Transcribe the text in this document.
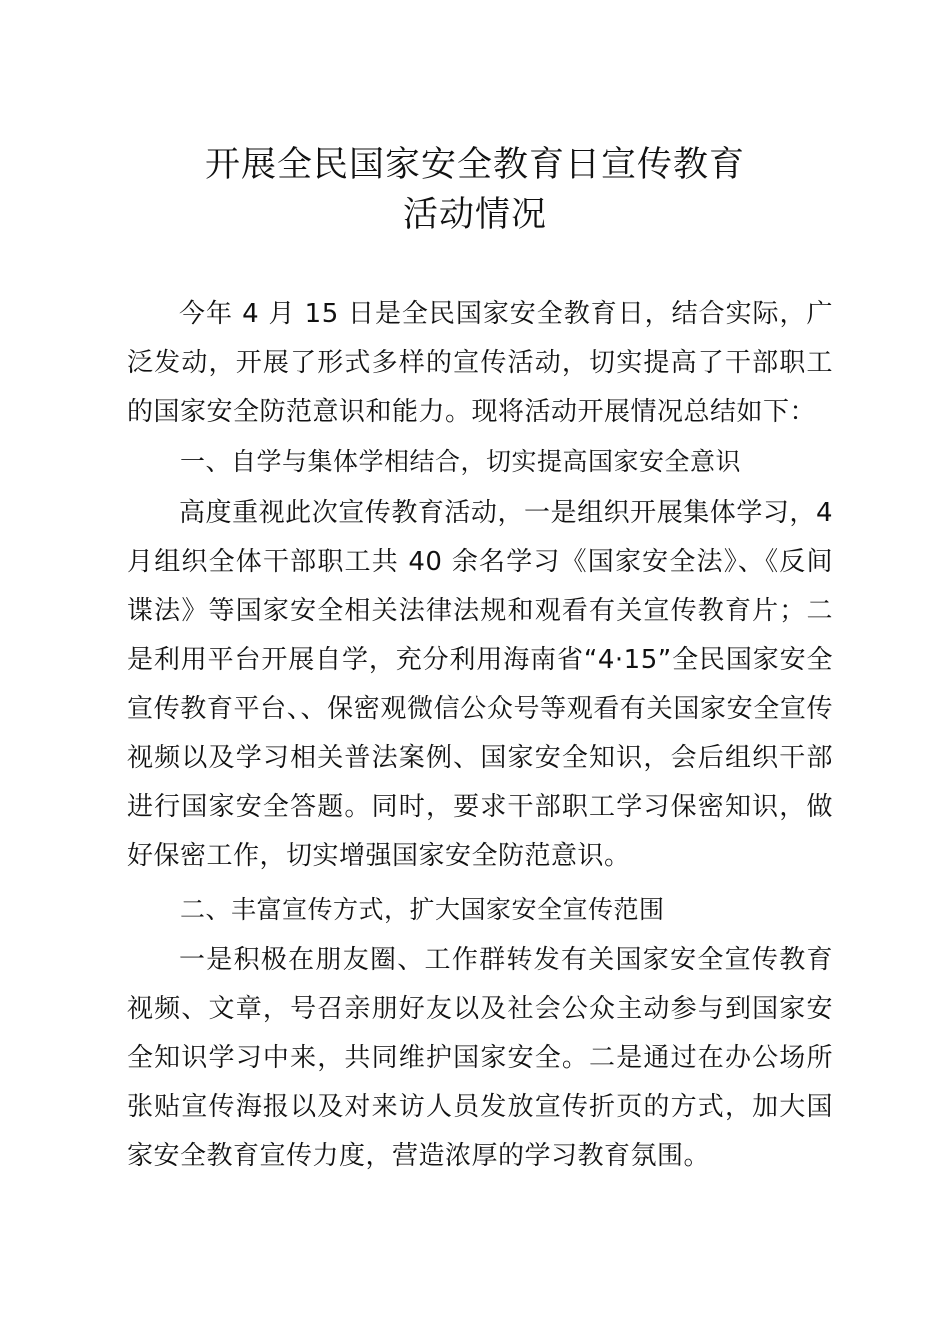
开展全民国家安全教育日宣传教育
活动情况

今年 4 月 15 日是全民国家安全教育日，结合实际，广泛发动，开展了形式多样的宣传活动，切实提高了干部职工的国家安全防范意识和能力。现将活动开展情况总结如下：

一、自学与集体学相结合，切实提高国家安全意识

高度重视此次宣传教育活动，一是组织开展集体学习，4 月组织全体干部职工共 40 余名学习《国家安全法》、《反间谍法》等国家安全相关法律法规和观看有关宣传教育片；二是利用平台开展自学，充分利用海南省“4·15”全民国家安全宣传教育平台、、保密观微信公众号等观看有关国家安全宣传视频以及学习相关普法案例、国家安全知识，会后组织干部进行国家安全答题。同时，要求干部职工学习保密知识，做好保密工作，切实增强国家安全防范意识。

二、丰富宣传方式，扩大国家安全宣传范围

一是积极在朋友圈、工作群转发有关国家安全宣传教育视频、文章，号召亲朋好友以及社会公众主动参与到国家安全知识学习中来，共同维护国家安全。二是通过在办公场所张贴宣传海报以及对来访人员发放宣传折页的方式，加大国家安全教育宣传力度，营造浓厚的学习教育氛围。
